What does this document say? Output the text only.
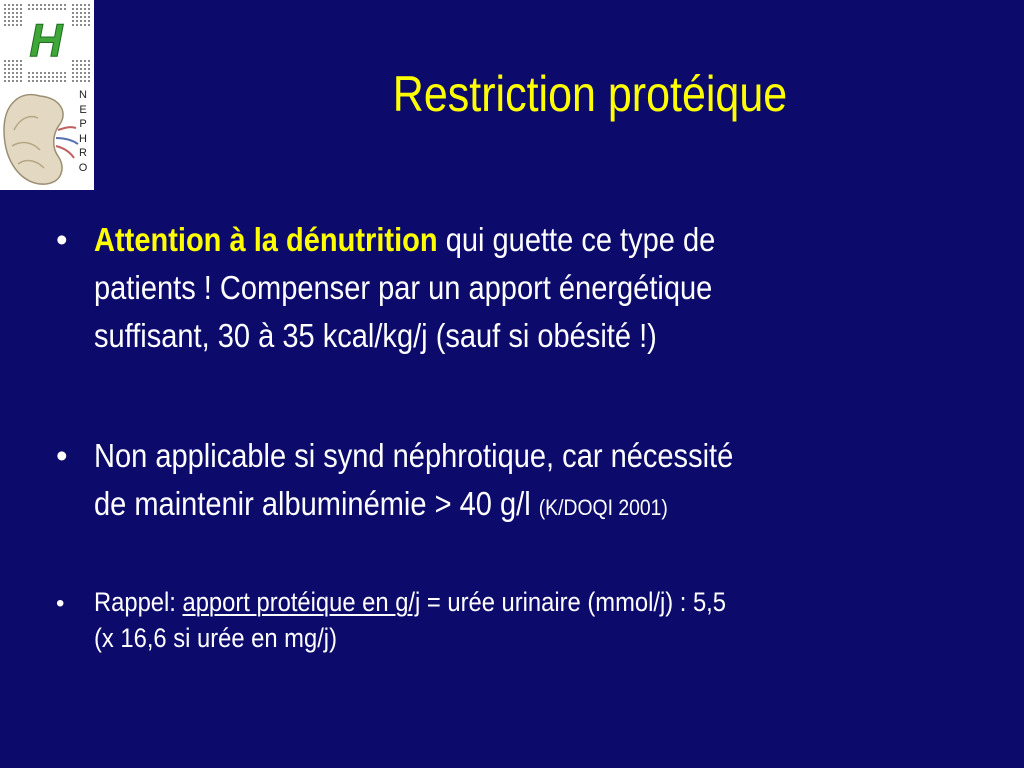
H
N
E
P
H
R
O
Restriction protéique
• Attention à la dénutrition qui guette ce type de
patients ! Compenser par un apport énergétique
suffisant, 30 à 35 kcal/kg/j (sauf si obésité !)
• Non applicable si synd néphrotique, car nécessité
de maintenir albuminémie > 40 g/l (K/DOQI 2001)
• Rappel: apport protéique en g/j = urée urinaire (mmol/j) : 5,5
(x 16,6 si urée en mg/j)
